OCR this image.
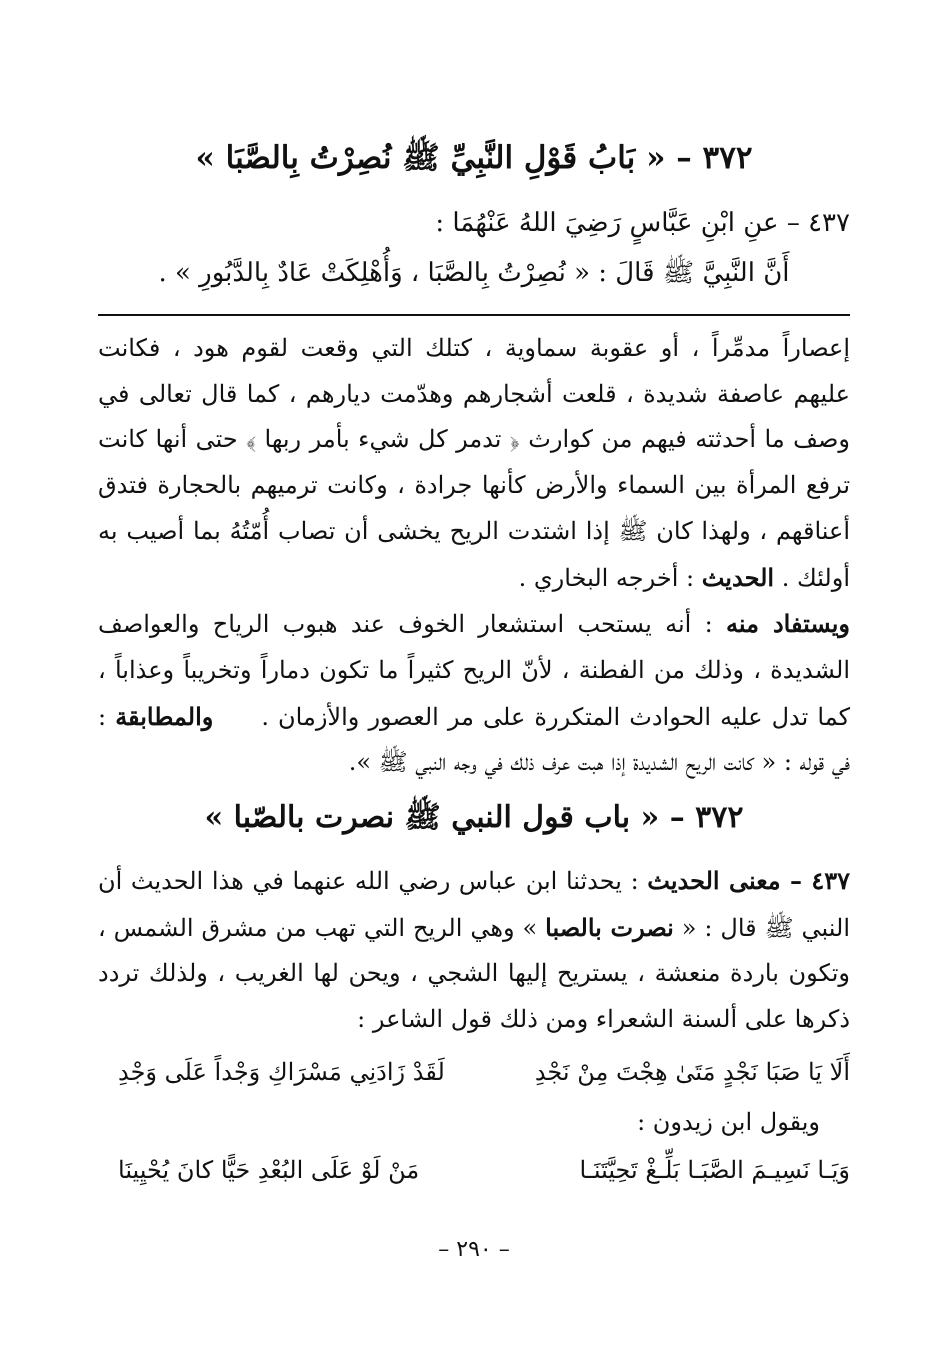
٣٧٢ – « بَابُ قَوْلِ النَّبِيِّ ﷺ نُصِرْتُ بِالصَّبَا »
٤٣٧ – عنِ ابْنِ عَبَّاسٍ رَضِيَ اللهُ عَنْهُمَا :
أَنَّ النَّبِيَّ ﷺ قَالَ : « نُصِرْتُ بِالصَّبَا ، وَأُهْلِكَتْ عَادٌ بِالدَّبُورِ » .

إعصاراً مدمِّراً ، أو عقوبة سماوية ، كتلك التي وقعت لقوم هود ، فكانت عليهم عاصفة شديدة ، قلعت أشجارهم وهدّمت ديارهم ، كما قال تعالى في وصف ما أحدثته فيهم من كوارث ﴿ تدمر كل شيء بأمر ربها ﴾ حتى أنها كانت ترفع المرأة بين السماء والأرض كأنها جرادة ، وكانت ترميهم بالحجارة فتدق أعناقهم ، ولهذا كان ﷺ إذا اشتدت الريح يخشى أن تصاب أُمّتُهُ بما أصيب به أولئك . الحديث : أخرجه البخاري .

ويستفاد منه : أنه يستحب استشعار الخوف عند هبوب الرياح والعواصف الشديدة ، وذلك من الفطنة ، لأنّ الريح كثيراً ما تكون دماراً وتخريباً وعذاباً ، كما تدل عليه الحوادث المتكررة على مر العصور والأزمان .والمطابقة : في قوله : « كانت الريح الشديدة إذا هبت عرف ذلك في وجه النبي ﷺ ».

٣٧٢ – « باب قول النبي ﷺ نصرت بالصّبا »

٤٣٧ – معنى الحديث : يحدثنا ابن عباس رضي الله عنهما في هذا الحديث أن النبي ﷺ قال : « نصرت بالصبا » وهي الريح التي تهب من مشرق الشمس ، وتكون باردة منعشة ، يستريح إليها الشجي ، ويحن لها الغريب ، ولذلك تردد ذكرها على ألسنة الشعراء ومن ذلك قول الشاعر :

أَلَا يَا صَبَا نَجْدٍ مَتَىٰ هِجْتَ مِنْ نَجْدِ
لَقَدْ زَادَنِي مَسْرَاكِ وَجْداً عَلَى وَجْدِ
ويقول ابن زيدون :
وَيَـا نَسِيـمَ الصَّبَـا بَلِّـغْ تَحِيَّتَنَـا
مَنْ لَوْ عَلَى البُعْدِ حَيًّا كانَ يُحْيِينَا
– ٢٩٠ –
